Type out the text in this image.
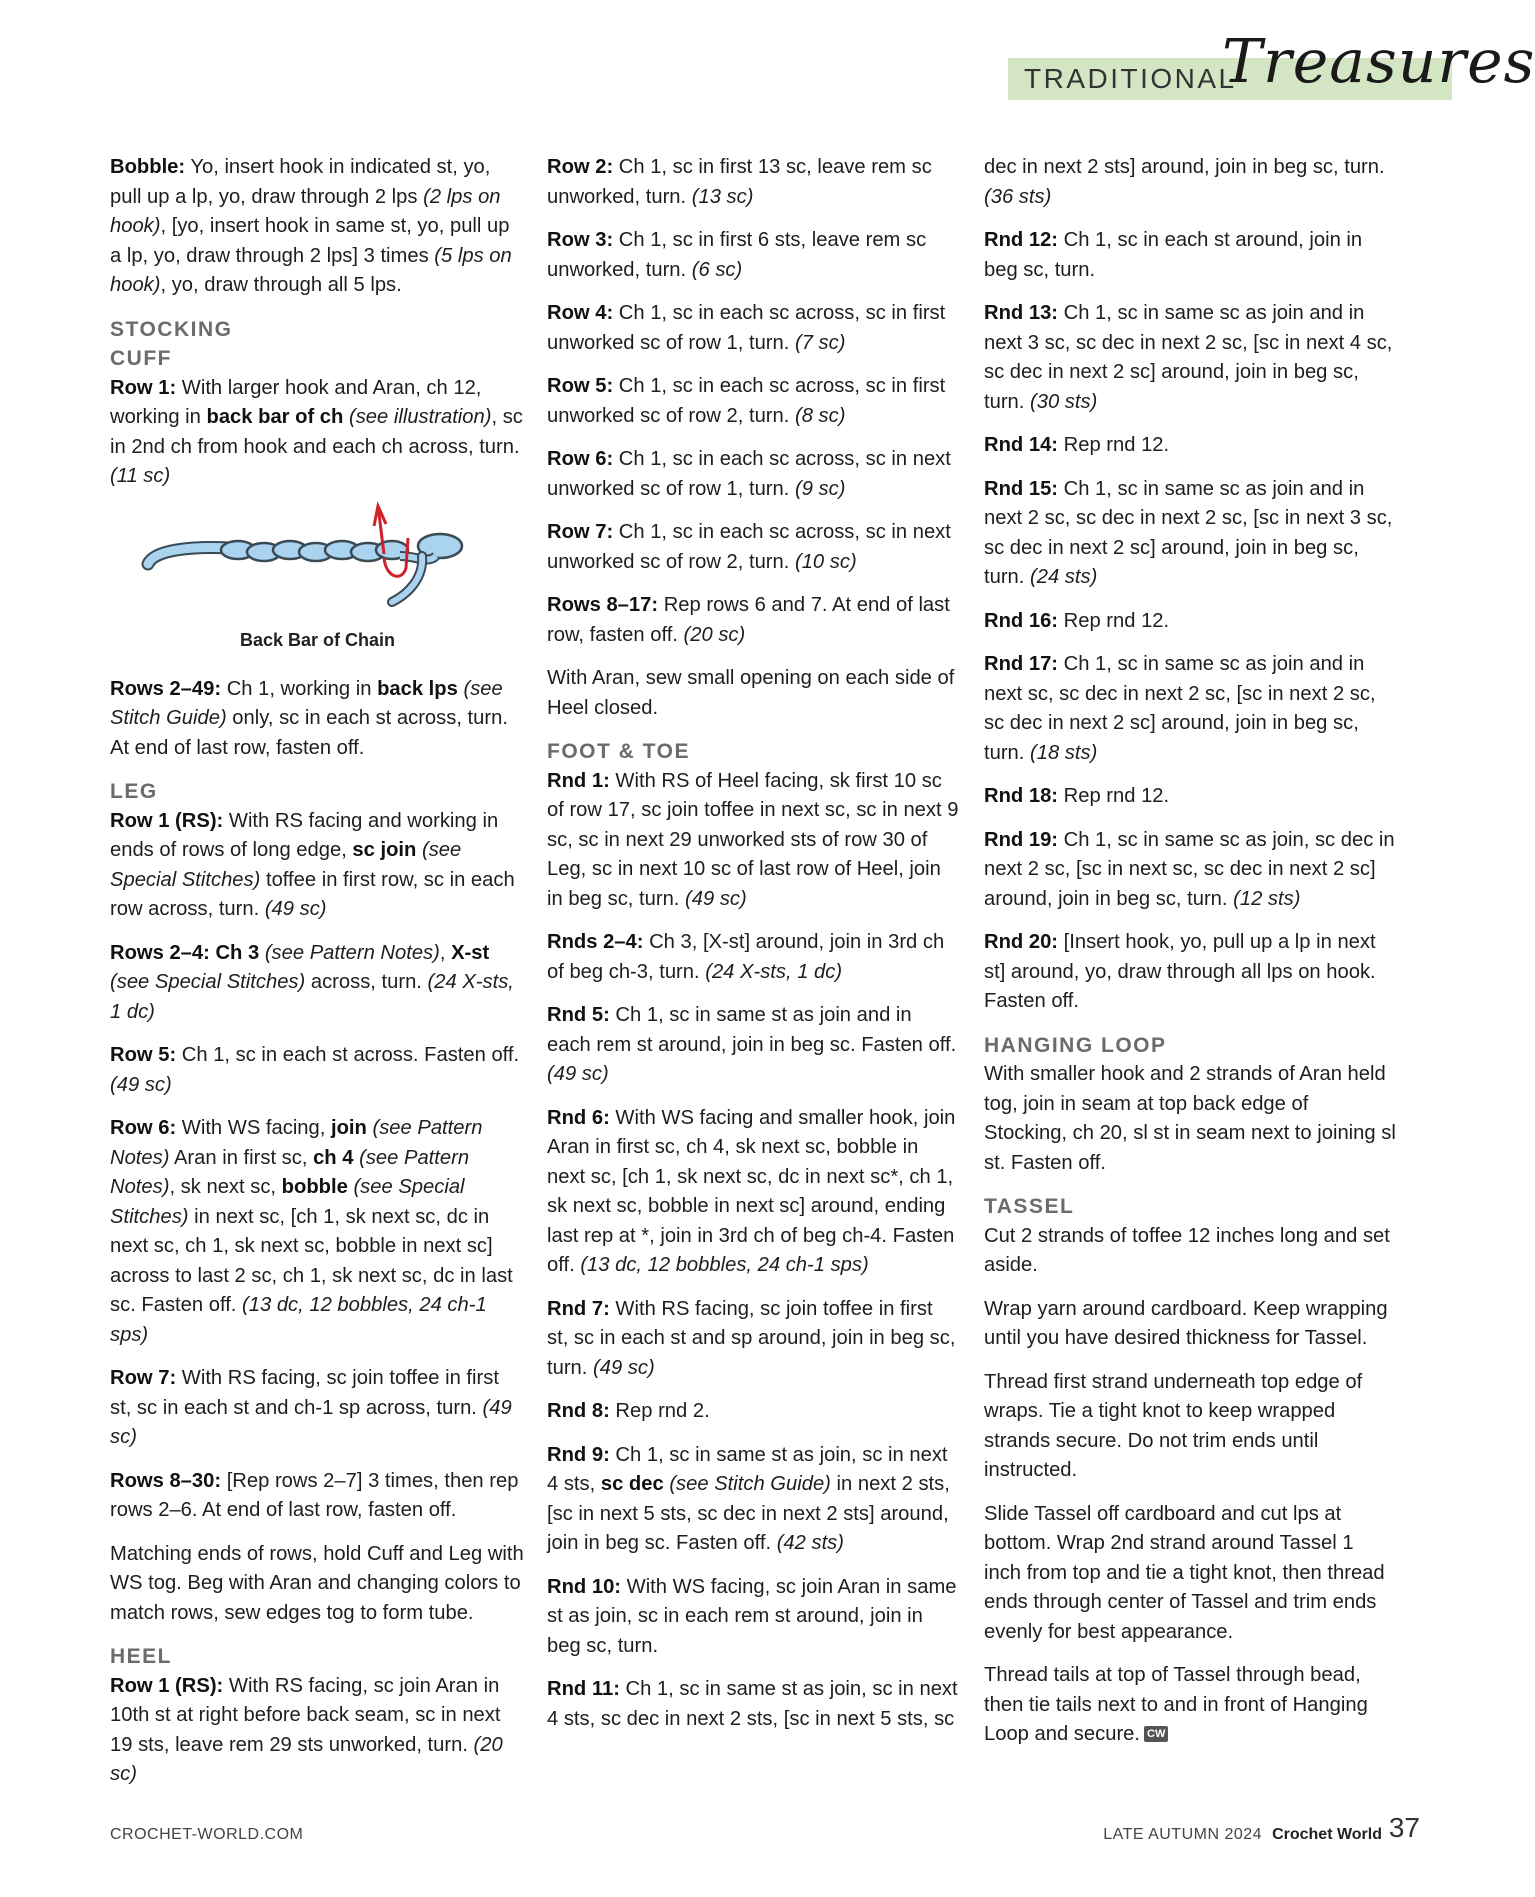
TRADITIONAL
Treasures

Bobble: Yo, insert hook in indicated st, yo, pull up a lp, yo, draw through 2 lps (2 lps on hook), [yo, insert hook in same st, yo, pull up a lp, yo, draw through 2 lps] 3 times (5 lps on hook), yo, draw through all 5 lps.

STOCKING

CUFF

Row 1: With larger hook and Aran, ch 12, working in back bar of ch (see illustration), sc in 2nd ch from hook and each ch across, turn. (11 sc)

Back Bar of Chain

Rows 2–49: Ch 1, working in back lps (see Stitch Guide) only, sc in each st across, turn. At end of last row, fasten off.

LEG

Row 1 (RS): With RS facing and working in ends of rows of long edge, sc join (see Special Stitches) toffee in first row, sc in each row across, turn. (49 sc)

Rows 2–4: Ch 3 (see Pattern Notes), X-st (see Special Stitches) across, turn. (24 X-sts, 1 dc)

Row 5: Ch 1, sc in each st across. Fasten off. (49 sc)

Row 6: With WS facing, join (see Pattern Notes) Aran in first sc, ch 4 (see Pattern Notes), sk next sc, bobble (see Special Stitches) in next sc, [ch 1, sk next sc, dc in next sc, ch 1, sk next sc, bobble in next sc] across to last 2 sc, ch 1, sk next sc, dc in last sc. Fasten off. (13 dc, 12 bobbles, 24 ch-1 sps)

Row 7: With RS facing, sc join toffee in first st, sc in each st and ch-1 sp across, turn. (49 sc)

Rows 8–30: [Rep rows 2–7] 3 times, then rep rows 2–6. At end of last row, fasten off.

Matching ends of rows, hold Cuff and Leg with WS tog. Beg with Aran and changing colors to match rows, sew edges tog to form tube.

HEEL

Row 1 (RS): With RS facing, sc join Aran in 10th st at right before back seam, sc in next 19 sts, leave rem 29 sts unworked, turn. (20 sc)

Row 2: Ch 1, sc in first 13 sc, leave rem sc unworked, turn. (13 sc)

Row 3: Ch 1, sc in first 6 sts, leave rem sc unworked, turn. (6 sc)

Row 4: Ch 1, sc in each sc across, sc in first unworked sc of row 1, turn. (7 sc)

Row 5: Ch 1, sc in each sc across, sc in first unworked sc of row 2, turn. (8 sc)

Row 6: Ch 1, sc in each sc across, sc in next unworked sc of row 1, turn. (9 sc)

Row 7: Ch 1, sc in each sc across, sc in next unworked sc of row 2, turn. (10 sc)

Rows 8–17: Rep rows 6 and 7. At end of last row, fasten off. (20 sc)

With Aran, sew small opening on each side of Heel closed.

FOOT & TOE

Rnd 1: With RS of Heel facing, sk first 10 sc of row 17, sc join toffee in next sc, sc in next 9 sc, sc in next 29 unworked sts of row 30 of Leg, sc in next 10 sc of last row of Heel, join in beg sc, turn. (49 sc)

Rnds 2–4: Ch 3, [X-st] around, join in 3rd ch of beg ch-3, turn. (24 X-sts, 1 dc)

Rnd 5: Ch 1, sc in same st as join and in each rem st around, join in beg sc. Fasten off. (49 sc)

Rnd 6: With WS facing and smaller hook, join Aran in first sc, ch 4, sk next sc, bobble in next sc, [ch 1, sk next sc, dc in next sc*, ch 1, sk next sc, bobble in next sc] around, ending last rep at *, join in 3rd ch of beg ch-4. Fasten off. (13 dc, 12 bobbles, 24 ch-1 sps)

Rnd 7: With RS facing, sc join toffee in first st, sc in each st and sp around, join in beg sc, turn. (49 sc)

Rnd 8: Rep rnd 2.

Rnd 9: Ch 1, sc in same st as join, sc in next 4 sts, sc dec (see Stitch Guide) in next 2 sts, [sc in next 5 sts, sc dec in next 2 sts] around, join in beg sc. Fasten off. (42 sts)

Rnd 10: With WS facing, sc join Aran in same st as join, sc in each rem st around, join in beg sc, turn.

Rnd 11: Ch 1, sc in same st as join, sc in next 4 sts, sc dec in next 2 sts, [sc in next 5 sts, sc

dec in next 2 sts] around, join in beg sc, turn. (36 sts)

Rnd 12: Ch 1, sc in each st around, join in beg sc, turn.

Rnd 13: Ch 1, sc in same sc as join and in next 3 sc, sc dec in next 2 sc, [sc in next 4 sc, sc dec in next 2 sc] around, join in beg sc, turn. (30 sts)

Rnd 14: Rep rnd 12.

Rnd 15: Ch 1, sc in same sc as join and in next 2 sc, sc dec in next 2 sc, [sc in next 3 sc, sc dec in next 2 sc] around, join in beg sc, turn. (24 sts)

Rnd 16: Rep rnd 12.

Rnd 17: Ch 1, sc in same sc as join and in next sc, sc dec in next 2 sc, [sc in next 2 sc, sc dec in next 2 sc] around, join in beg sc, turn. (18 sts)

Rnd 18: Rep rnd 12.

Rnd 19: Ch 1, sc in same sc as join, sc dec in next 2 sc, [sc in next sc, sc dec in next 2 sc] around, join in beg sc, turn. (12 sts)

Rnd 20: [Insert hook, yo, pull up a lp in next st] around, yo, draw through all lps on hook. Fasten off.

HANGING LOOP

With smaller hook and 2 strands of Aran held tog, join in seam at top back edge of Stocking, ch 20, sl st in seam next to joining sl st. Fasten off.

TASSEL

Cut 2 strands of toffee 12 inches long and set aside.

Wrap yarn around cardboard. Keep wrapping until you have desired thickness for Tassel.

Thread first strand underneath top edge of wraps. Tie a tight knot to keep wrapped strands secure. Do not trim ends until instructed.

Slide Tassel off cardboard and cut lps at bottom. Wrap 2nd strand around Tassel 1 inch from top and tie a tight knot, then thread ends through center of Tassel and trim ends evenly for best appearance.

Thread tails at top of Tassel through bead, then tie tails next to and in front of Hanging Loop and secure. CW

CROCHET-WORLD.COM	LATE AUTUMN 2024 Crochet World 37
